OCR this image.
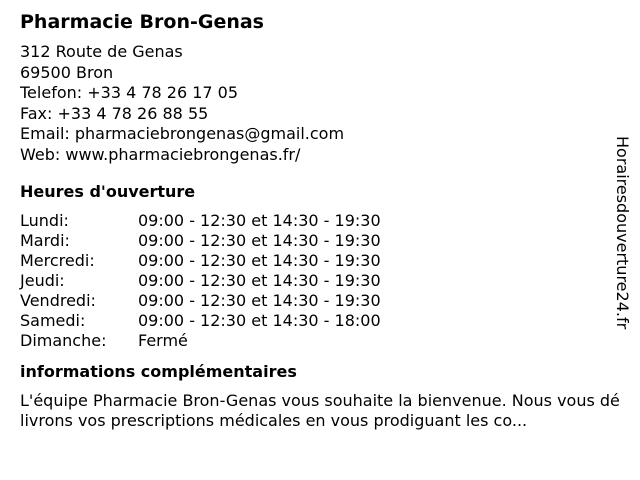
Pharmacie Bron-Genas
312 Route de Genas
69500 Bron
Telefon: +33 4 78 26 17 05
Fax: +33 4 78 26 88 55
Email: pharmaciebrongenas@gmail.com
Web: www.pharmaciebrongenas.fr/
Heures d'ouverture
Lundi:	09:00 - 12:30 et 14:30 - 19:30
Mardi:	09:00 - 12:30 et 14:30 - 19:30
Mercredi:	09:00 - 12:30 et 14:30 - 19:30
Jeudi:	09:00 - 12:30 et 14:30 - 19:30
Vendredi:	09:00 - 12:30 et 14:30 - 19:30
Samedi:	09:00 - 12:30 et 14:30 - 18:00
Dimanche:	Fermé
informations complémentaires
L'équipe Pharmacie Bron-Genas vous souhaite la bienvenue. Nous vous délivrons vos prescriptions médicales en vous prodiguant les co...
Horairesdouverture24.fr
